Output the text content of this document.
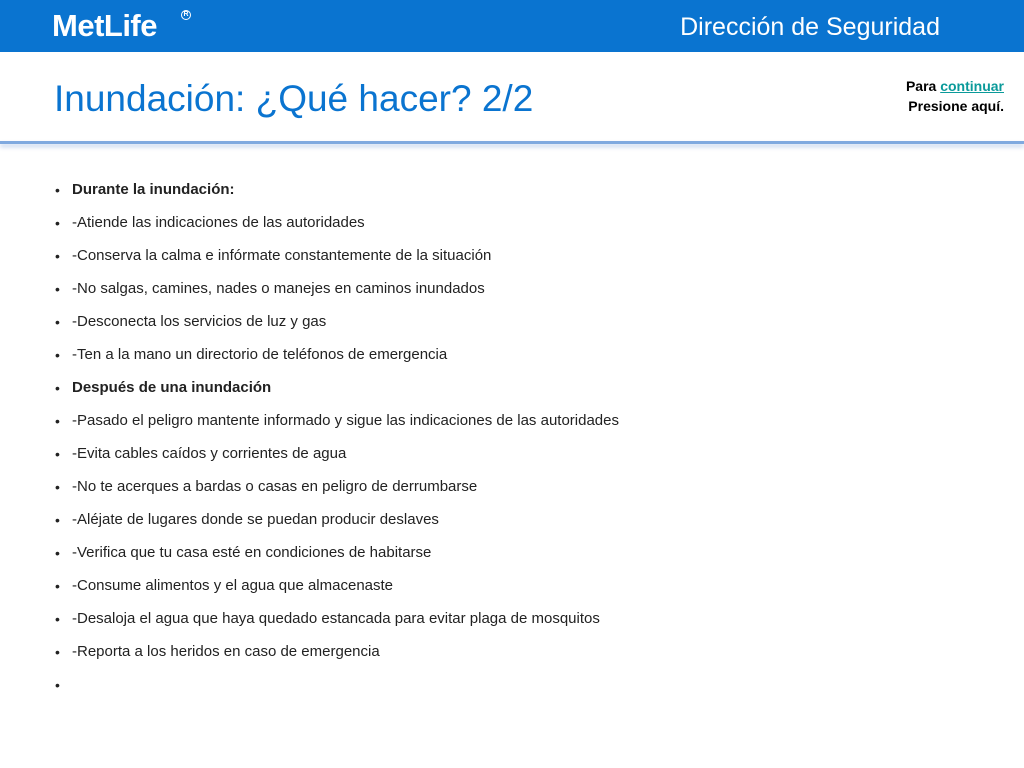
MetLife	R	Dirección de Seguridad
Inundación: ¿Qué hacer? 2/2	Para continuar
Presione aquí.
• Durante la inundación:
• -Atiende las indicaciones de las autoridades
• -Conserva la calma e infórmate constantemente de la situación
• -No salgas, camines, nades o manejes en caminos inundados
• -Desconecta los servicios de luz y gas
• -Ten a la mano un directorio de teléfonos de emergencia
• Después de una inundación
• -Pasado el peligro mantente informado y sigue las indicaciones de las autoridades
• -Evita cables caídos y corrientes de agua
• -No te acerques a bardas o casas en peligro de derrumbarse
• -Aléjate de lugares donde se puedan producir deslaves
• -Verifica que tu casa esté en condiciones de habitarse
• -Consume alimentos y el agua que almacenaste
• -Desaloja el agua que haya quedado estancada para evitar plaga de mosquitos
• -Reporta a los heridos en caso de emergencia
•
